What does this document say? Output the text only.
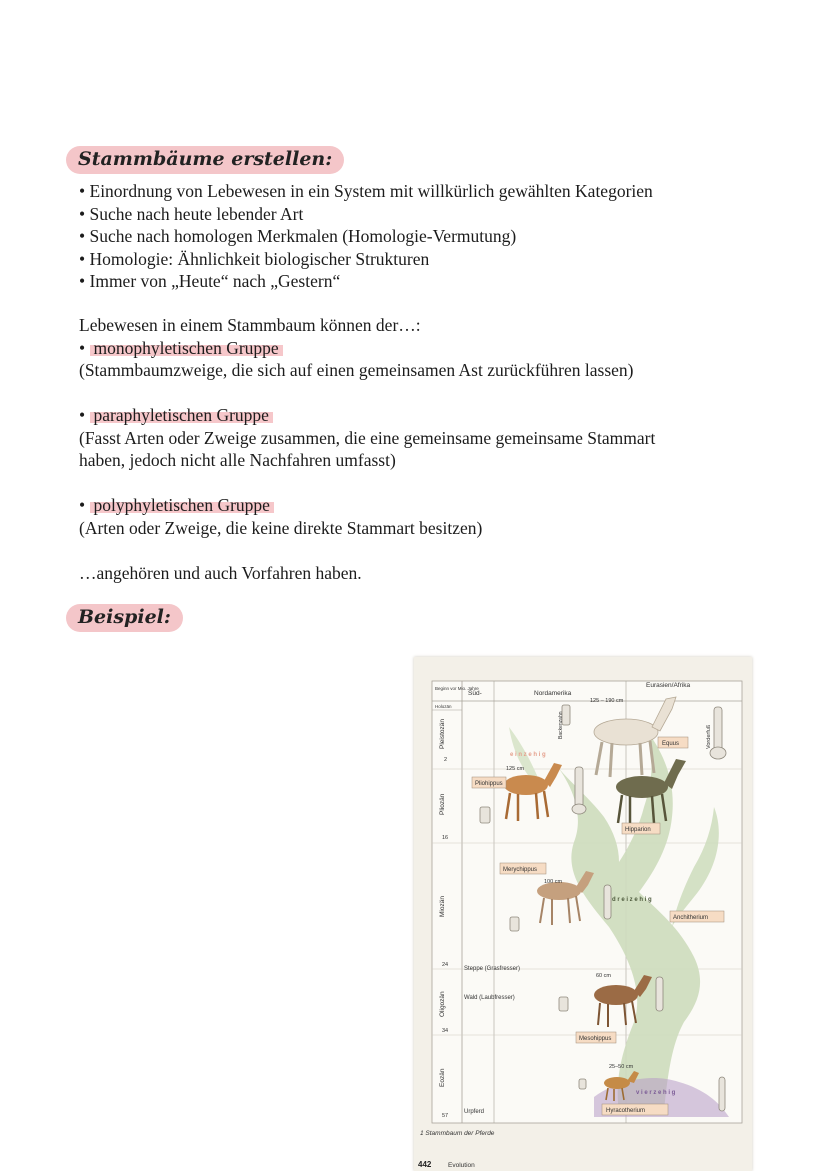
Stammbäume erstellen:

• Einordnung von Lebewesen in ein System mit willkürlich gewählten Kategorien

• Suche nach heute lebender Art

• Suche nach homologen Merkmalen (Homologie-Vermutung)

• Homologie: Ähnlichkeit biologischer Strukturen

• Immer von „Heute“ nach „Gestern“

Lebewesen in einem Stammbaum können der…:

• monophyletischen Gruppe

(Stammbaumzweige, die sich auf einen gemeinsamen Ast zurückführen lassen)

• paraphyletischen Gruppe

(Fasst Arten oder Zweige zusammen, die eine gemeinsame gemeinsame Stammart

haben, jedoch nicht alle Nachfahren umfasst)

• polyphyletischen Gruppe

(Arten oder Zweige, die keine direkte Stammart besitzen)

…angehören und auch Vorfahren haben.

Beispiel:
Beginn vor Mio. Jahre
Holozän
Süd-	Nordamerika
Eurasien/Afrika
Pleistozän
Pliozän
Miozän
Oligozän
Eozän
2
16
24
34
57
Backenzahn	Vorderfuß
125 – 190 cm
125 cm
100 cm
60 cm
25–50 cm
e i n z e h i g
d r e i z e h i g
v i e r z e h i g
Steppe (Grasfresser)
Wald (Laubfresser)
Urpferd
Equus
Pliohippus
Hipparion
Merychippus
Anchitherium
Mesohippus
Hyracotherium
1 Stammbaum der Pferde
442	Evolution
